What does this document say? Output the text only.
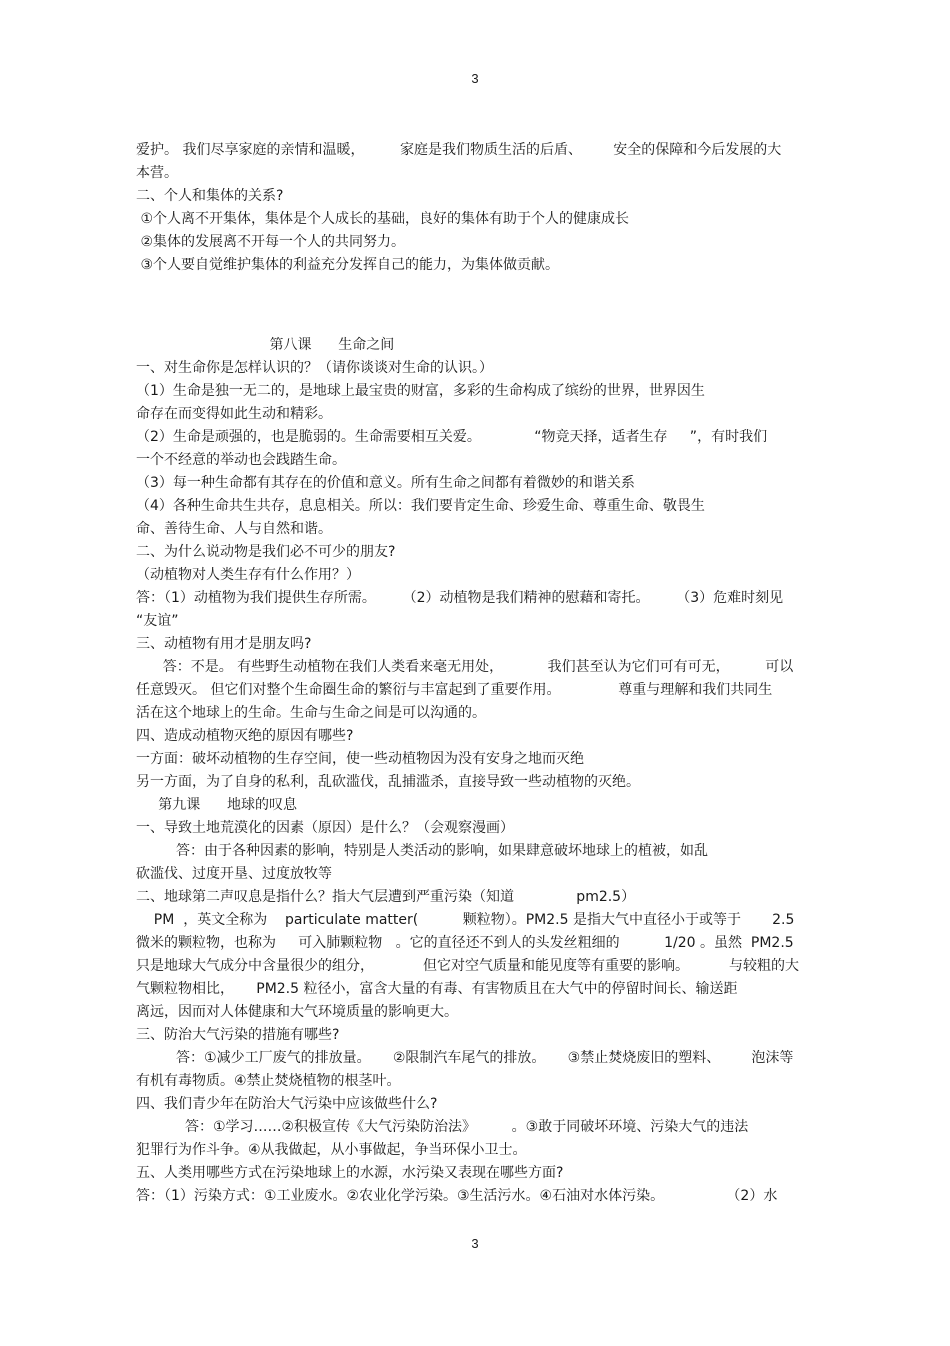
3
爱护。 我们尽享家庭的亲情和温暖，        家庭是我们物质生活的后盾、       安全的保障和今后发展的大
本营。
二、个人和集体的关系?
①个人离不开集体，集体是个人成长的基础，良好的集体有助于个人的健康成长
②集体的发展离不开每一个人的共同努力。
③个人要自觉维护集体的利益充分发挥自己的能力，为集体做贡献。
第八课      生命之间
一、对生命你是怎样认识的？（请你谈谈对生命的认识。）
（1）生命是独一无二的，是地球上最宝贵的财富，多彩的生命构成了缤纷的世界，世界因生
命存在而变得如此生动和精彩。
（2）生命是顽强的，也是脆弱的。生命需要相互关爱。            “物竞天择，适者生存     ”，有时我们
一个不经意的举动也会践踏生命。
（3）每一种生命都有其存在的价值和意义。所有生命之间都有着微妙的和谐关系
（4）各种生命共生共存，息息相关。所以：我们要肯定生命、珍爱生命、尊重生命、敬畏生
命、善待生命、人与自然和谐。
二、为什么说动物是我们必不可少的朋友?
（动植物对人类生存有什么作用？）
答：（1）动植物为我们提供生存所需。      （2）动植物是我们精神的慰藉和寄托。      （3）危难时刻见
“友谊”
三、动植物有用才是朋友吗?
答：不是。 有些野生动植物在我们人类看来毫无用处，          我们甚至认为它们可有可无，        可以
任意毁灭。 但它们对整个生命圈生命的繁衍与丰富起到了重要作用。             尊重与理解和我们共同生
活在这个地球上的生命。生命与生命之间是可以沟通的。
四、造成动植物灭绝的原因有哪些?
一方面：破坏动植物的生存空间，使一些动植物因为没有安身之地而灭绝
另一方面，为了自身的私利，乱砍滥伐，乱捕滥杀，直接导致一些动植物的灭绝。
第九课      地球的叹息
一、导致土地荒漠化的因素（原因）是什么？（会观察漫画）
答：由于各种因素的影响，特别是人类活动的影响，如果肆意破坏地球上的植被，如乱
砍滥伐、过度开垦、过度放牧等
二、地球第二声叹息是指什么？指大气层遭到严重污染（知道              pm2.5）
PM  ，英文全称为    particulate matter(          颗粒物）。PM2.5 是指大气中直径小于或等于       2.5
微米的颗粒物，也称为     可入肺颗粒物   。它的直径还不到人的头发丝粗细的          1/20 。虽然  PM2.5
只是地球大气成分中含量很少的组分，           但它对空气质量和能见度等有重要的影响。         与较粗的大
气颗粒物相比，     PM2.5 粒径小，富含大量的有毒、有害物质且在大气中的停留时间长、输送距
离远，因而对人体健康和大气环境质量的影响更大。
三、防治大气污染的措施有哪些?
答：①减少工厂废气的排放量。     ②限制汽车尾气的排放。     ③禁止焚烧废旧的塑料、       泡沫等
有机有毒物质。④禁止焚烧植物的根茎叶。
四、我们青少年在防治大气污染中应该做些什么?
答：①学习……②积极宣传《大气污染防治法》        。③敢于同破坏环境、污染大气的违法
犯罪行为作斗争。④从我做起，从小事做起，争当环保小卫士。
五、人类用哪些方式在污染地球上的水源，水污染又表现在哪些方面?
答：（1）污染方式：①工业废水。②农业化学污染。③生活污水。④石油对水体污染。              （2）水
3
